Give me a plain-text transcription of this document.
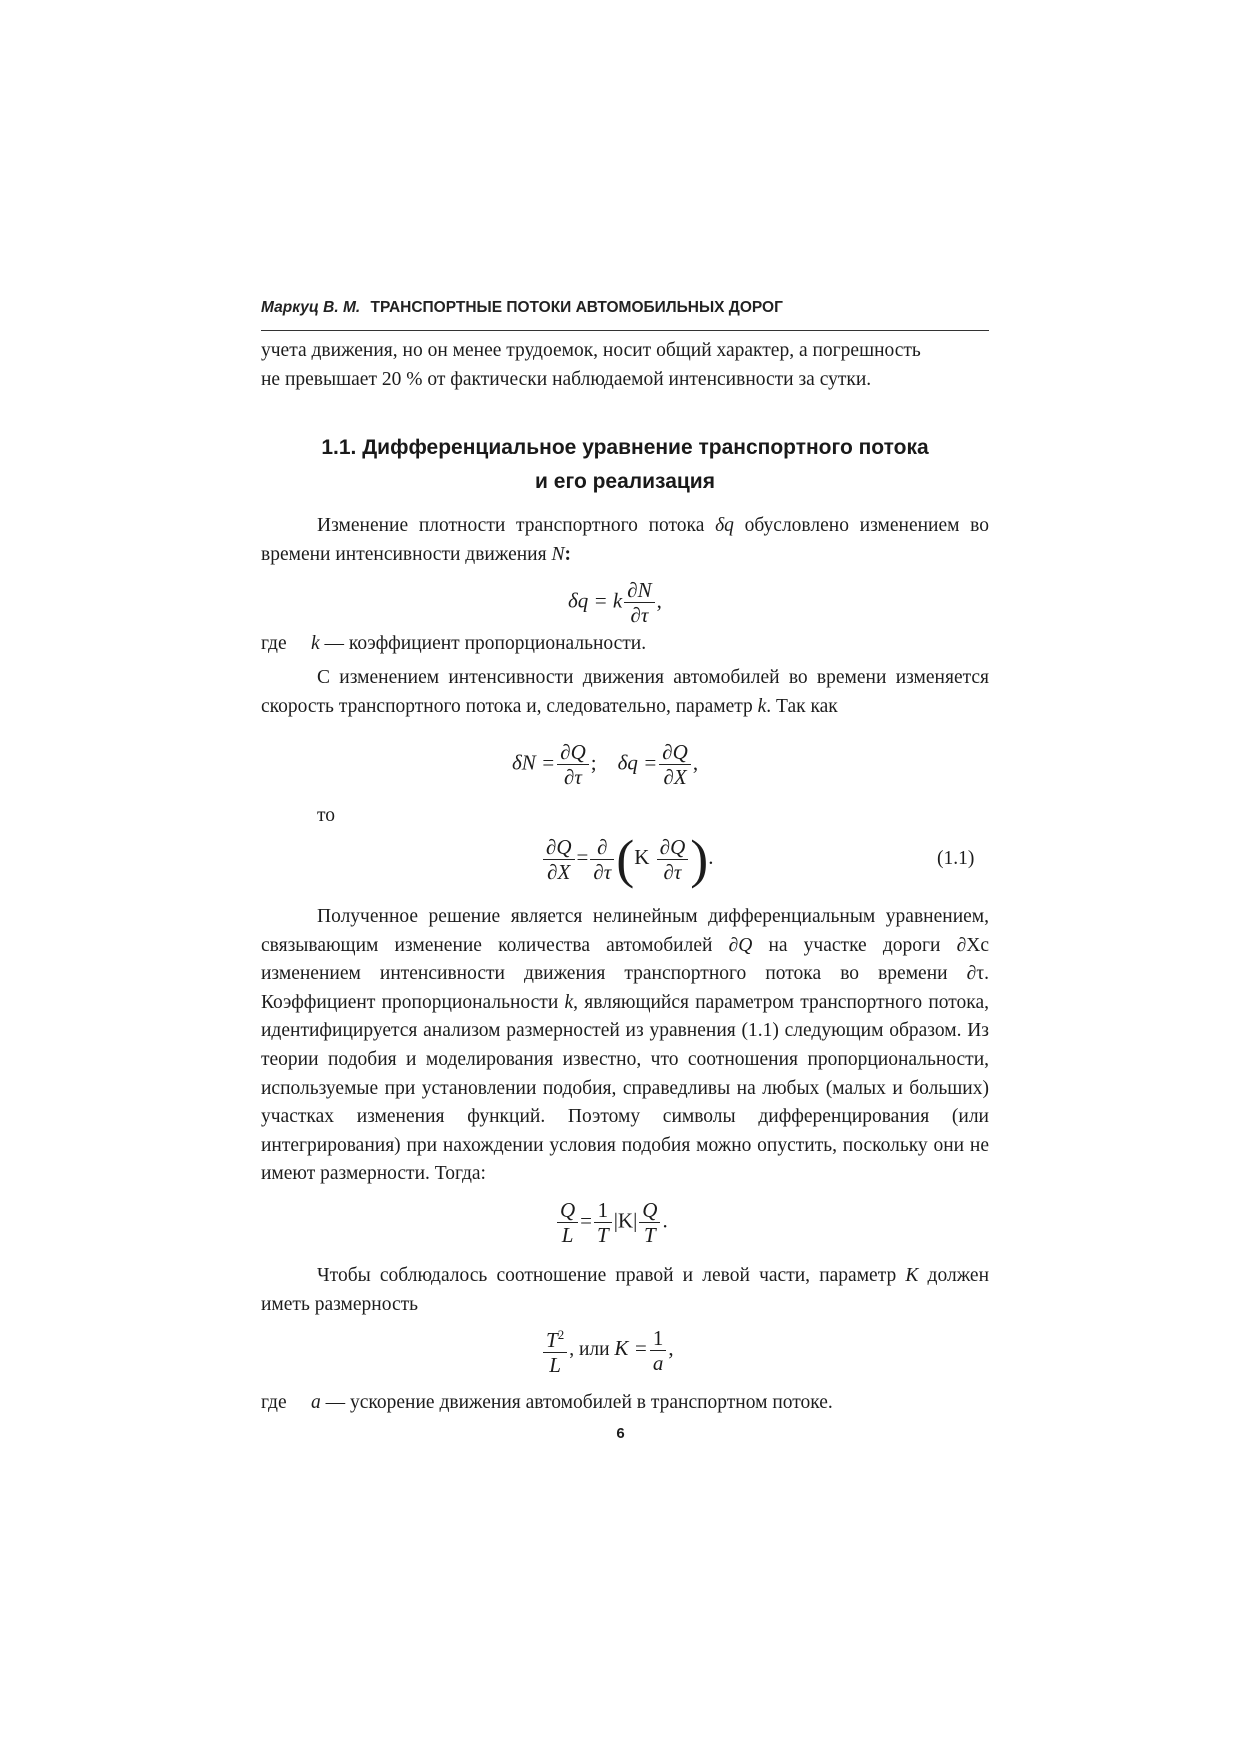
Маркуц В. М. ТРАНСПОРТНЫЕ ПОТОКИ АВТОМОБИЛЬНЫХ ДОРОГ

учета движения, но он менее трудоемок, носит общий характер, а погрешность
не превышает 20 % от фактически наблюдаемой интенсивности за сутки.

1.1. Дифференциальное уравнение транспортного потока
и его реализация

Изменение плотности транспортного потока δq обусловлено изменением во времени интенсивности движения N:

δq = k $\frac{\partial N}{\partial\tau}$ ,
где k — коэффициент пропорциональности.

С изменением интенсивности движения автомобилей во времени изменяется скорость транспортного потока и, следовательно, параметр k. Так как

$\delta N = \frac{\partial Q}{\partial\tau}$ ; $\delta q = \frac{\partial Q}{\partial X}$ ,
то
$\frac{\partial Q}{\partial X} = \frac{\partial}{\partial\tau} (K \frac{\partial Q}{\partial\tau}$ ).	(1.1)

Полученное решение является нелинейным дифференциальным уравнением, связывающим изменение количества автомобилей ∂Q на участке дороги ∂Xс изменением интенсивности движения транспортного потока во времени ∂τ. Коэффициент пропорциональности k, являющийся параметром транспортного потока, идентифицируется анализом размерностей из уравнения (1.1) следующим образом. Из теории подобия и моделирования известно, что соотношения пропорциональности, используемые при установлении подобия, справедливы на любых (малых и больших) участках изменения функций. Поэтому символы дифференцирования (или интегрирования) при нахождении условия подобия можно опустить, поскольку они не имеют размерности. Тогда:

$\frac{Q}{L} = \frac{1}{T} |K| \frac{Q}{T}$ .

Чтобы соблюдалось соотношение правой и левой части, параметр K должен иметь размерность

$\frac{T^2}{L}$ , или $K = \frac{1}{a}$ ,
где a — ускорение движения автомобилей в транспортном потоке.
6
